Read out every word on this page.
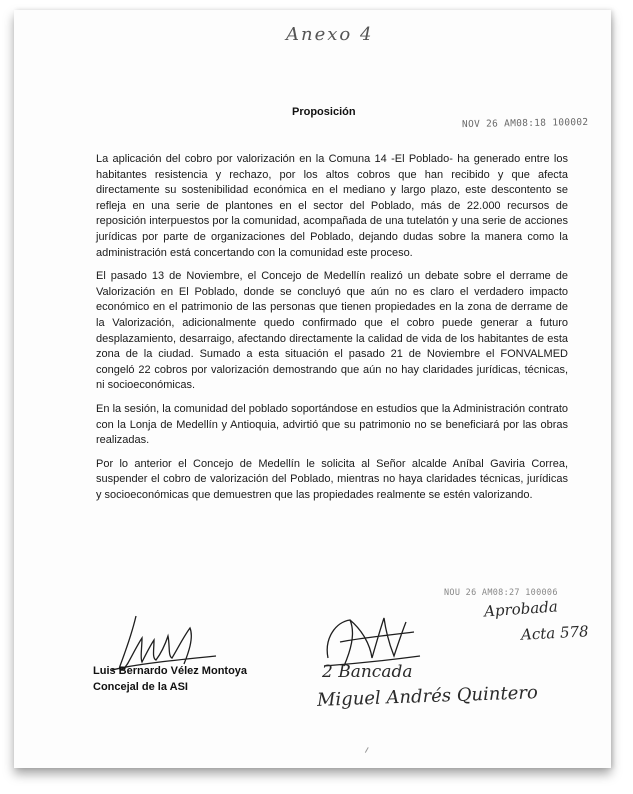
Anexo 4
Proposición
NOV 26 AM08:18 100002

La aplicación del cobro por valorización en la Comuna 14 -El Poblado- ha generado entre los habitantes resistencia y rechazo, por los altos cobros que han recibido y que afecta directamente su sostenibilidad económica en el mediano y largo plazo, este descontento se refleja en una serie de plantones en el sector del Poblado, más de 22.000 recursos de reposición interpuestos por la comunidad, acompañada de una tutelatón y una serie de acciones jurídicas por parte de organizaciones del Poblado, dejando dudas sobre la manera como la administración está concertando con la comunidad este proceso.

El pasado 13 de Noviembre, el Concejo de Medellín realizó un debate sobre el derrame de Valorización en El Poblado, donde se concluyó que aún no es claro el verdadero impacto económico en el patrimonio de las personas que tienen propiedades en la zona de derrame de la Valorización, adicionalmente quedo confirmado que el cobro puede generar a futuro desplazamiento, desarraigo, afectando directamente la calidad de vida de los habitantes de esta zona de la ciudad. Sumado a esta situación el pasado 21 de Noviembre el FONVALMED congeló 22 cobros por valorización demostrando que aún no hay claridades jurídicas, técnicas, ni socioeconómicas.

En la sesión, la comunidad del poblado soportándose en estudios que la Administración contrato con la Lonja de Medellín y Antioquia, advirtió que su patrimonio no se beneficiará por las obras realizadas.

Por lo anterior el Concejo de Medellín le solicita al Señor alcalde Aníbal Gaviria Correa, suspender el cobro de valorización del Poblado, mientras no haya claridades técnicas, jurídicas y socioeconómicas que demuestren que las propiedades realmente se estén valorizando.

NOU 26 AM08:27 100006
Aprobada
Acta 578
Luis Bernardo Vélez Montoya
Concejal de la ASI
2 Bancada
Miguel Andrés Quintero
